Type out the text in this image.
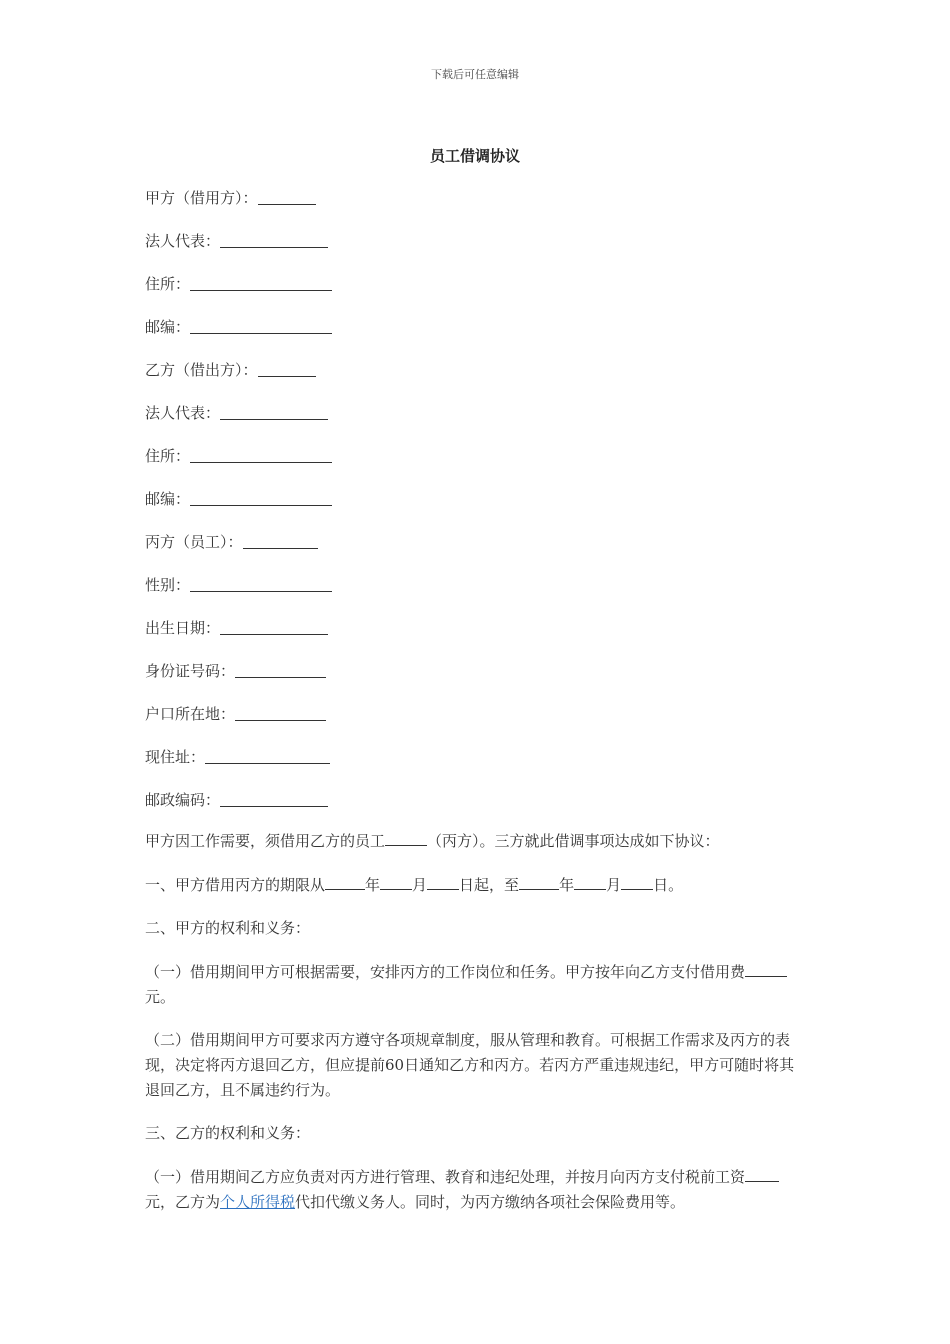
下载后可任意编辑
员工借调协议
甲方（借用方）：
法人代表：
住所：
邮编：
乙方（借出方）：
法人代表：
住所：
邮编：
丙方（员工）：
性别：
出生日期：
身份证号码：
户口所在地：
现住址：
邮政编码：

甲方因工作需要，须借用乙方的员工	（丙方）。三方就此借调事项达成如下协议：

一、甲方借用丙方的期限从	年 月 日起，至	年 月 日。

二、甲方的权利和义务：

（一）借用期间甲方可根据需要，安排丙方的工作岗位和任务。甲方按年向乙方支付借用费元。

（二）借用期间甲方可要求丙方遵守各项规章制度，服从管理和教育。可根据工作需求及丙方的表现，决定将丙方退回乙方，但应提前60日通知乙方和丙方。若丙方严重违规违纪，甲方可随时将其退回乙方，且不属违约行为。

三、乙方的权利和义务：

（一）借用期间乙方应负责对丙方进行管理、教育和违纪处理，并按月向丙方支付税前工资元，乙方为个人所得税代扣代缴义务人。同时，为丙方缴纳各项社会保险费用等。
